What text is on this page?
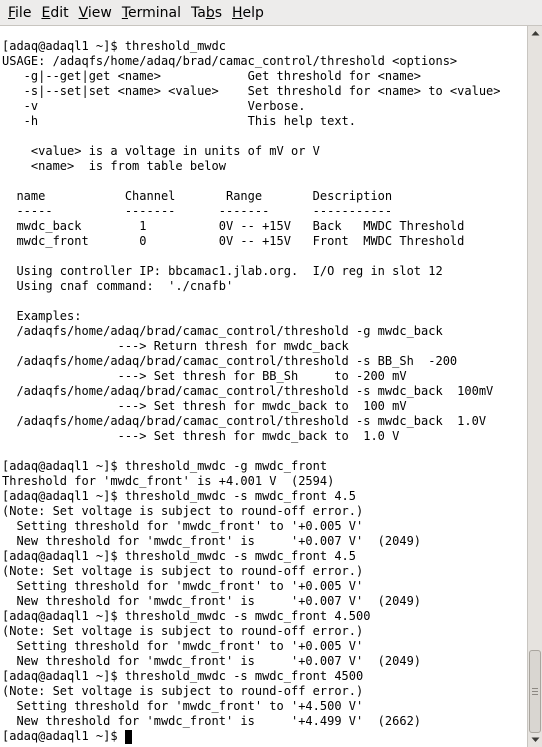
File Edit View Terminal Tabs Help
[adaq@adaql1 ~]$ threshold_mwdc
USAGE: /adaqfs/home/adaq/brad/camac_control/threshold <options>
-g|--get|get <name>            Get threshold for <name>
-s|--set|set <name> <value>    Set threshold for <name> to <value>
-v                             Verbose.
-h                             This help text.
<value> is a voltage in units of mV or V
<name>  is from table below
name           Channel       Range       Description
-----          -------      -------      -----------
mwdc_back        1          0V -- +15V   Back   MWDC Threshold
mwdc_front       0          0V -- +15V   Front  MWDC Threshold
Using controller IP: bbcamac1.jlab.org.  I/O reg in slot 12
Using cnaf command:  './cnafb'
Examples:
/adaqfs/home/adaq/brad/camac_control/threshold -g mwdc_back
---> Return thresh for mwdc_back
/adaqfs/home/adaq/brad/camac_control/threshold -s BB_Sh  -200
---> Set thresh for BB_Sh     to -200 mV
/adaqfs/home/adaq/brad/camac_control/threshold -s mwdc_back  100mV
---> Set thresh for mwdc_back to  100 mV
/adaqfs/home/adaq/brad/camac_control/threshold -s mwdc_back  1.0V
---> Set thresh for mwdc_back to  1.0 V
[adaq@adaql1 ~]$ threshold_mwdc -g mwdc_front
Threshold for 'mwdc_front' is +4.001 V  (2594)
[adaq@adaql1 ~]$ threshold_mwdc -s mwdc_front 4.5
(Note: Set voltage is subject to round-off error.)
Setting threshold for 'mwdc_front' to '+0.005 V'
New threshold for 'mwdc_front' is     '+0.007 V'  (2049)
[adaq@adaql1 ~]$ threshold_mwdc -s mwdc_front 4.5
(Note: Set voltage is subject to round-off error.)
Setting threshold for 'mwdc_front' to '+0.005 V'
New threshold for 'mwdc_front' is     '+0.007 V'  (2049)
[adaq@adaql1 ~]$ threshold_mwdc -s mwdc_front 4.500
(Note: Set voltage is subject to round-off error.)
Setting threshold for 'mwdc_front' to '+0.005 V'
New threshold for 'mwdc_front' is     '+0.007 V'  (2049)
[adaq@adaql1 ~]$ threshold_mwdc -s mwdc_front 4500
(Note: Set voltage is subject to round-off error.)
Setting threshold for 'mwdc_front' to '+4.500 V'
New threshold for 'mwdc_front' is     '+4.499 V'  (2662)
[adaq@adaql1 ~]$
